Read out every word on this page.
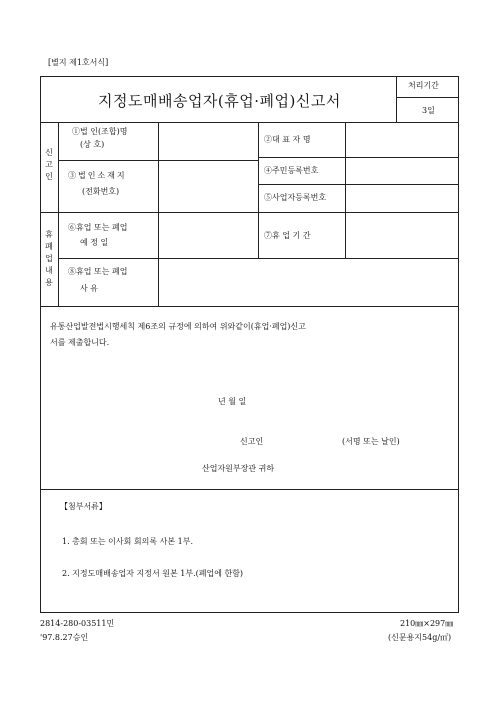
[별지 제1호서식]
지정도매배송업자(휴업·폐업)신고서
처리기간
3일
신고인
휴폐업내용
①법 인(조합)명
(상 호)
②대 표 자 명
③법인소재지
(전화번호)
④주민등록번호
⑤사업자등록번호
⑥휴업 또는 폐업
예 정 일
⑦휴 업 기 간
⑧휴업 또는 폐업
사 유
유통산업발전법시행세칙 제6조의 규정에 의하여 위와같이(휴업·폐업)신고
서를 제출합니다.
년 월 일
신고인	(서명 또는 날인)
산업자원부장관 귀하
【첨부서류】
1. 총회 또는 이사회 회의록 사본 1부.
2. 지정도매배송업자 지정서 원본 1부.(폐업에 한함)
2814-280-03511민
'97.8.27승인
210㎜×297㎜
(신문용지54g/㎡)
